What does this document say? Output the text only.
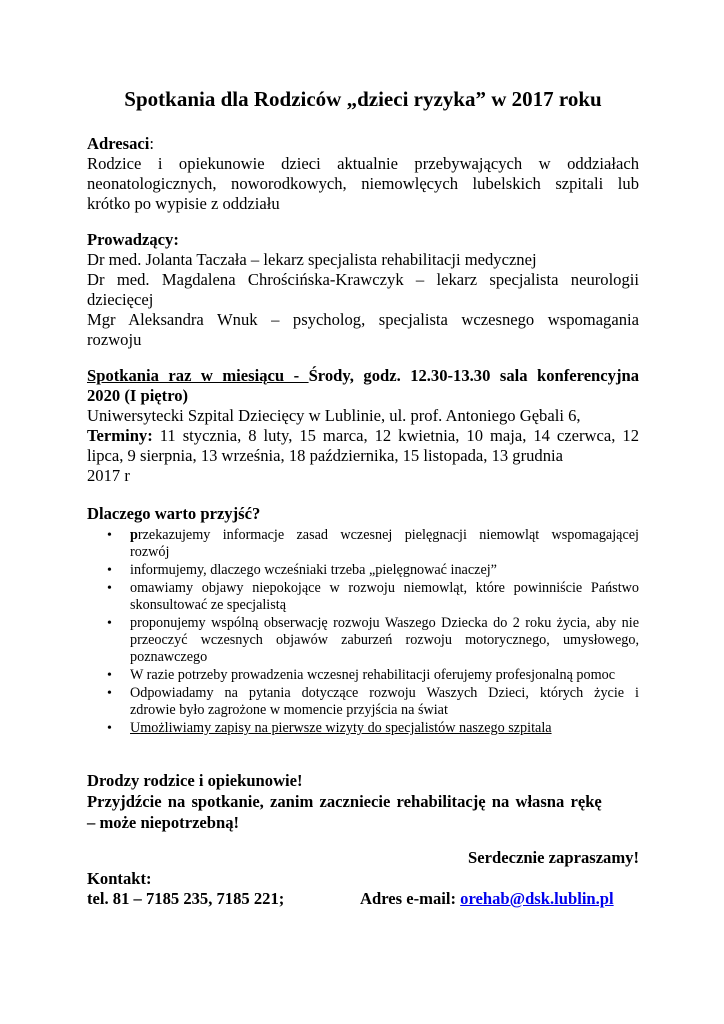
Spotkania dla Rodziców „dzieci ryzyka” w 2017 roku
Adresaci:
Rodzice i opiekunowie dzieci aktualnie przebywających w oddziałach
neonatologicznych, noworodkowych, niemowlęcych lubelskich szpitali lub
krótko po wypisie z oddziału
Prowadzący:
Dr med. Jolanta Taczała – lekarz specjalista rehabilitacji medycznej
Dr med. Magdalena Chrościńska-Krawczyk – lekarz specjalista neurologii
dziecięcej
Mgr Aleksandra Wnuk – psycholog, specjalista wczesnego wspomagania
rozwoju
Spotkania raz w miesiącu - Środy, godz. 12.30-13.30 sala konferencyjna
2020 (I piętro)
Uniwersytecki Szpital Dziecięcy w Lublinie, ul. prof. Antoniego Gębali 6,
Terminy: 11 stycznia, 8 luty, 15 marca, 12 kwietnia, 10 maja, 14 czerwca, 12
lipca, 9 sierpnia, 13 września, 18 października, 15 listopada, 13 grudnia
2017 r
Dlaczego warto przyjść?
• przekazujemy informacje zasad wczesnej pielęgnacji niemowląt wspomagającej
rozwój
• informujemy, dlaczego wcześniaki trzeba „pielęgnować inaczej”
• omawiamy objawy niepokojące w rozwoju niemowląt, które powinniście Państwo
skonsultować ze specjalistą
• proponujemy wspólną obserwację rozwoju Waszego Dziecka do 2 roku życia, aby nie
przeoczyć wczesnych objawów zaburzeń rozwoju motorycznego, umysłowego,
poznawczego
• W razie potrzeby prowadzenia wczesnej rehabilitacji oferujemy profesjonalną pomoc
• Odpowiadamy na pytania dotyczące rozwoju Waszych Dzieci, których życie i
zdrowie było zagrożone w momencie przyjścia na świat
• Umożliwiamy zapisy na pierwsze wizyty do specjalistów naszego szpitala
Drodzy rodzice i opiekunowie!
Przyjdźcie na spotkanie, zanim zaczniecie rehabilitację na własna rękę
– może niepotrzebną!
Serdecznie zapraszamy!
Kontakt:
tel. 81 – 7185 235, 7185 221;	Adres e-mail: orehab@dsk.lublin.pl
